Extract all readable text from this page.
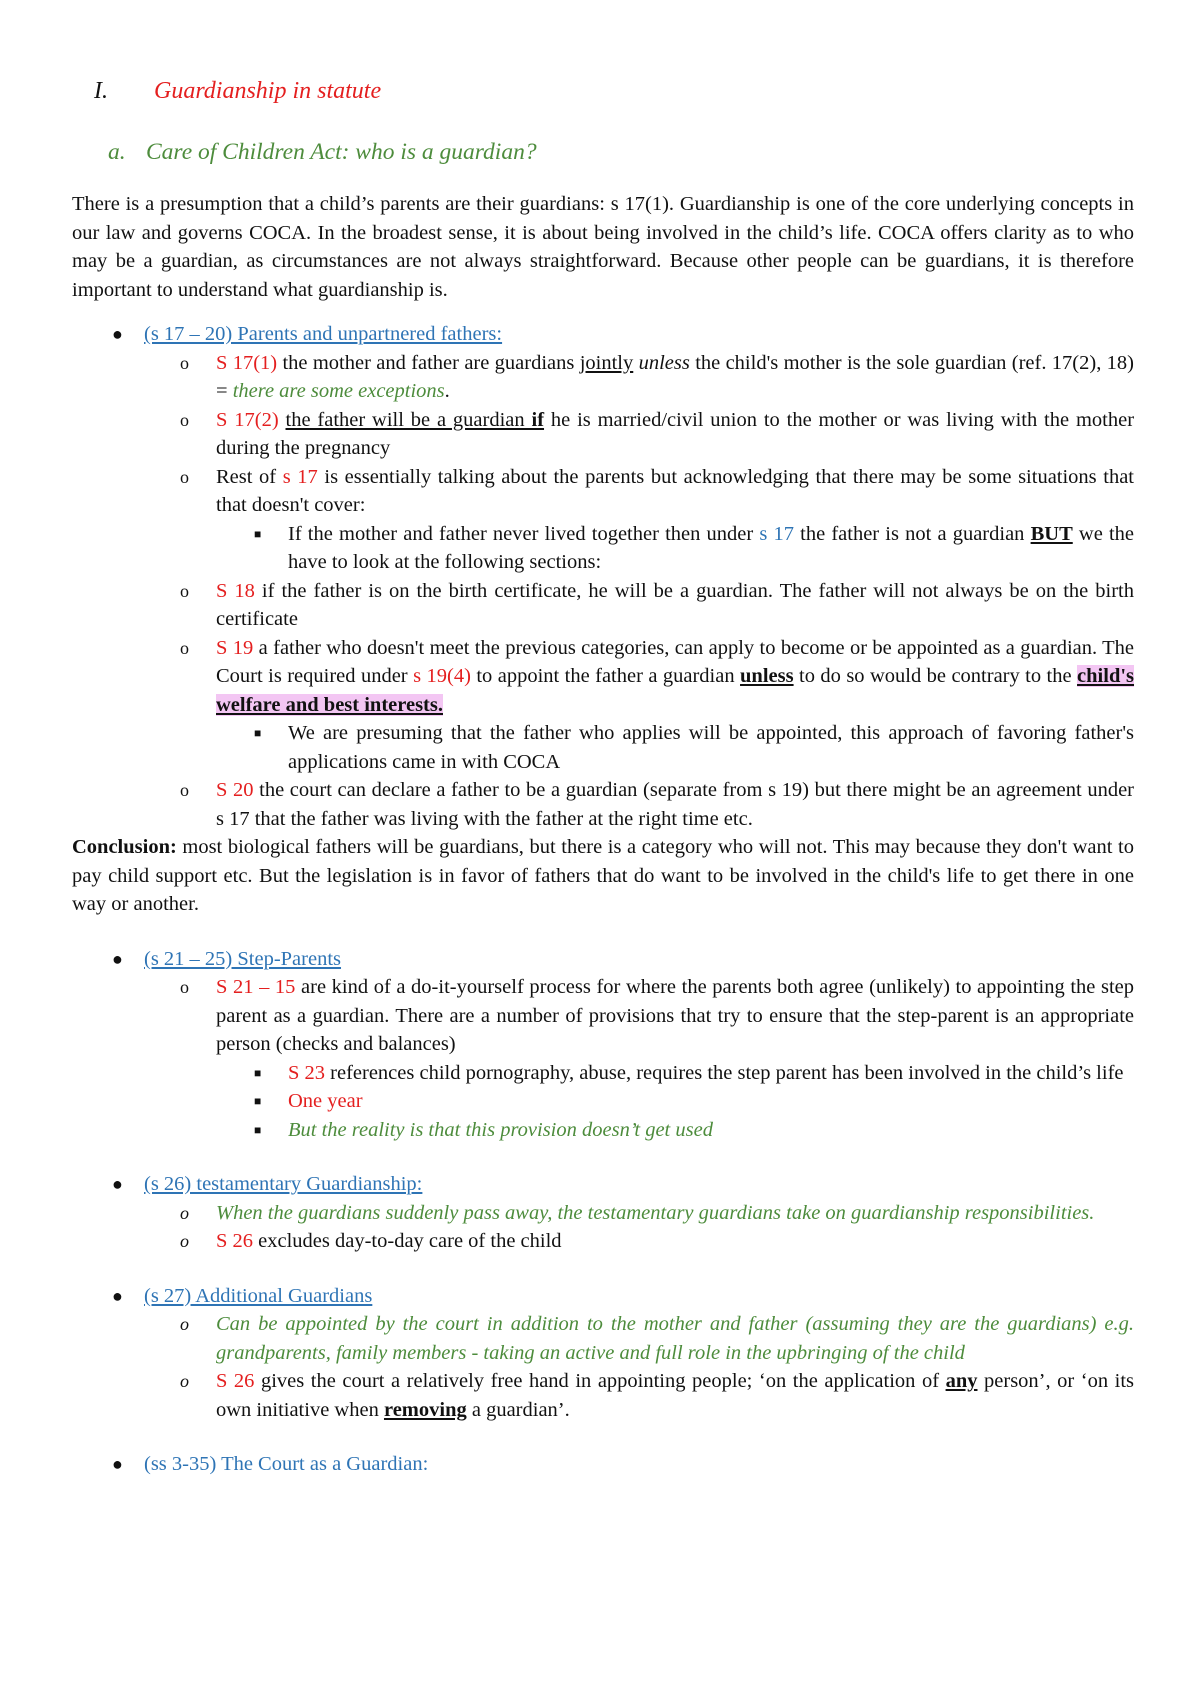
I.	Guardianship in statute
a. Care of Children Act: who is a guardian?
There is a presumption that a child’s parents are their guardians: s 17(1). Guardianship is one of the core underlying concepts in our law and governs COCA. In the broadest sense, it is about being involved in the child’s life. COCA offers clarity as to who may be a guardian, as circumstances are not always straightforward. Because other people can be guardians, it is therefore important to understand what guardianship is.
● (s 17 – 20) Parents and unpartnered fathers:
o S 17(1) the mother and father are guardians jointly unless the child's mother is the sole guardian (ref. 17(2), 18) = there are some exceptions.
o S 17(2) the father will be a guardian if he is married/civil union to the mother or was living with the mother during the pregnancy
o Rest of s 17 is essentially talking about the parents but acknowledging that there may be some situations that that doesn't cover:
■ If the mother and father never lived together then under s 17 the father is not a guardian BUT we the have to look at the following sections:
o S 18 if the father is on the birth certificate, he will be a guardian. The father will not always be on the birth certificate
o S 19 a father who doesn't meet the previous categories, can apply to become or be appointed as a guardian. The Court is required under s 19(4) to appoint the father a guardian unless to do so would be contrary to the child's welfare and best interests.
■ We are presuming that the father who applies will be appointed, this approach of favoring father's applications came in with COCA
o S 20 the court can declare a father to be a guardian (separate from s 19) but there might be an agreement under s 17 that the father was living with the father at the right time etc.
Conclusion: most biological fathers will be guardians, but there is a category who will not. This may because they don't want to pay child support etc. But the legislation is in favor of fathers that do want to be involved in the child's life to get there in one way or another.
● (s 21 – 25) Step-Parents
o S 21 – 15 are kind of a do-it-yourself process for where the parents both agree (unlikely) to appointing the step parent as a guardian. There are a number of provisions that try to ensure that the step-parent is an appropriate person (checks and balances)
■ S 23 references child pornography, abuse, requires the step parent has been involved in the child’s life
■ One year
■ But the reality is that this provision doesn’t get used
● (s 26) testamentary Guardianship:
o When the guardians suddenly pass away, the testamentary guardians take on guardianship responsibilities.
o S 26 excludes day-to-day care of the child
● (s 27) Additional Guardians
o Can be appointed by the court in addition to the mother and father (assuming they are the guardians) e.g. grandparents, family members - taking an active and full role in the upbringing of the child
o S 26 gives the court a relatively free hand in appointing people; ‘on the application of any person’, or ‘on its own initiative when removing a guardian’.
● (ss 3-35) The Court as a Guardian:
